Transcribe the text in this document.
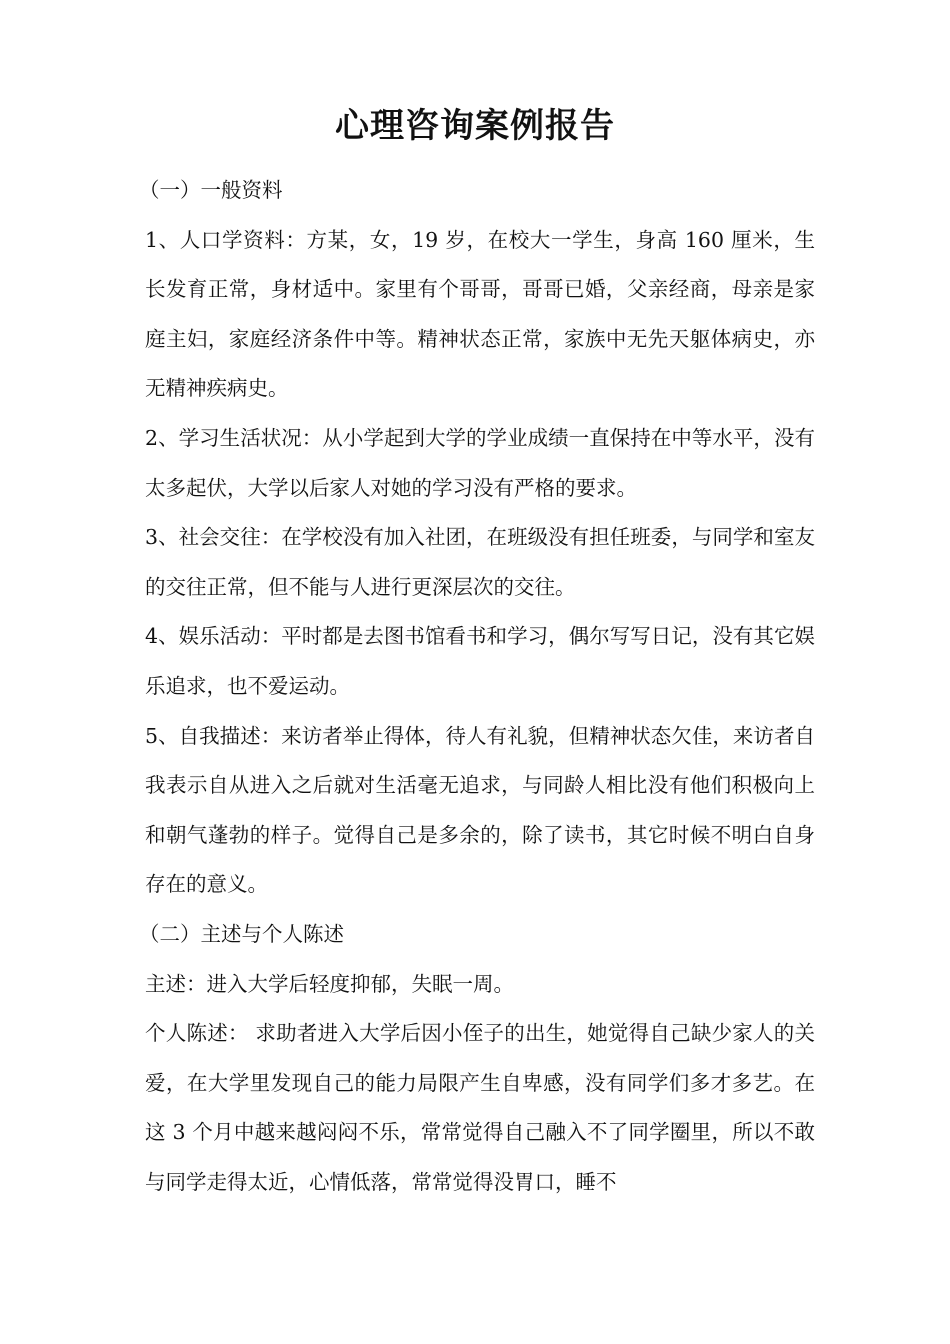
心理咨询案例报告

（一）一般资料

1、人口学资料：方某，女，19 岁，在校大一学生，身高 160 厘米，生长发育正常，身材适中。家里有个哥哥，哥哥已婚，父亲经商，母亲是家庭主妇，家庭经济条件中等。精神状态正常，家族中无先天躯体病史，亦无精神疾病史。

2、学习生活状况：从小学起到大学的学业成绩一直保持在中等水平，没有太多起伏，大学以后家人对她的学习没有严格的要求。

3、社会交往：在学校没有加入社团，在班级没有担任班委，与同学和室友的交往正常，但不能与人进行更深层次的交往。

4、娱乐活动：平时都是去图书馆看书和学习，偶尔写写日记，没有其它娱乐追求，也不爱运动。

5、自我描述：来访者举止得体，待人有礼貌，但精神状态欠佳，来访者自我表示自从进入之后就对生活毫无追求，与同龄人相比没有他们积极向上和朝气蓬勃的样子。觉得自己是多余的，除了读书，其它时候不明白自身存在的意义。

（二）主述与个人陈述

主述：进入大学后轻度抑郁，失眠一周。

个人陈述： 求助者进入大学后因小侄子的出生，她觉得自己缺少家人的关爱，在大学里发现自己的能力局限产生自卑感，没有同学们多才多艺。在这 3 个月中越来越闷闷不乐，常常觉得自己融入不了同学圈里，所以不敢与同学走得太近，心情低落，常常觉得没胃口，睡不
